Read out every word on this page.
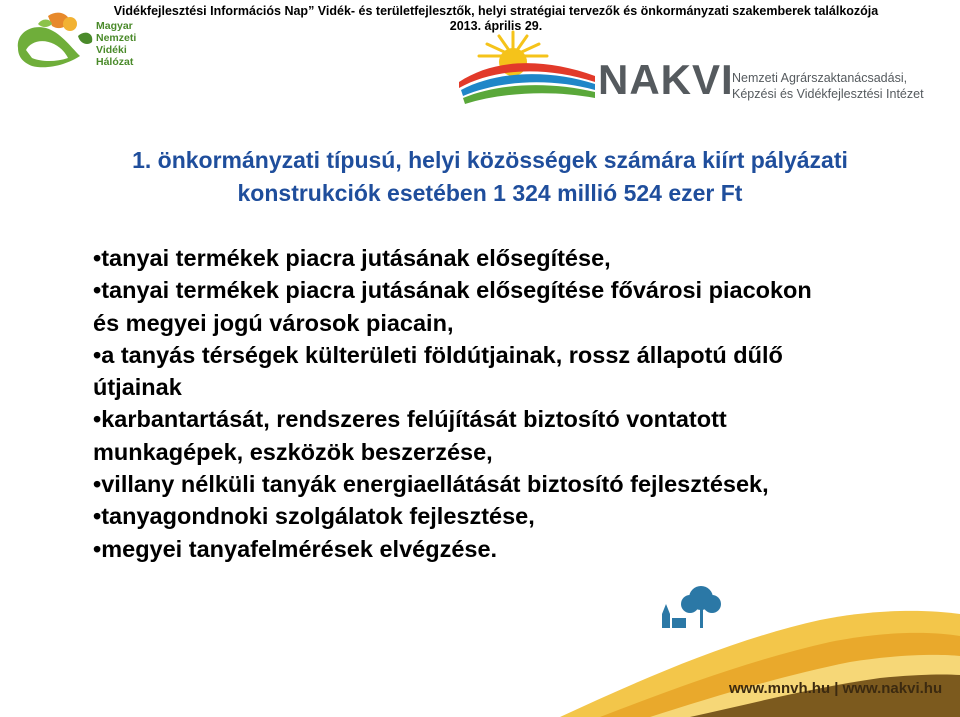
Vidékfejlesztési Információs Nap” Vidék- és területfejlesztők, helyi stratégiai tervezők és önkormányzati szakemberek találkozója
2013. április 29.
Magyar
Nemzeti
Vidéki
Hálózat	NAKVI
Nemzeti Agrárszaktanácsadási,
Képzési és Vidékfejlesztési Intézet
1. önkormányzati típusú, helyi közösségek számára kiírt pályázati
konstrukciók esetében 1 324 millió 524 ezer Ft
•tanyai termékek piacra jutásának elősegítése,
•tanyai termékek piacra jutásának elősegítése fővárosi piacokon
és megyei jogú városok piacain,
•a tanyás térségek külterületi földútjainak, rossz állapotú dűlő
útjainak
•karbantartását, rendszeres felújítását biztosító vontatott
munkagépek, eszközök beszerzése,
•villany nélküli tanyák energiaellátását biztosító fejlesztések,
•tanyagondnoki szolgálatok fejlesztése,
•megyei tanyafelmérések elvégzése.
www.mnvh.hu | www.nakvi.hu
